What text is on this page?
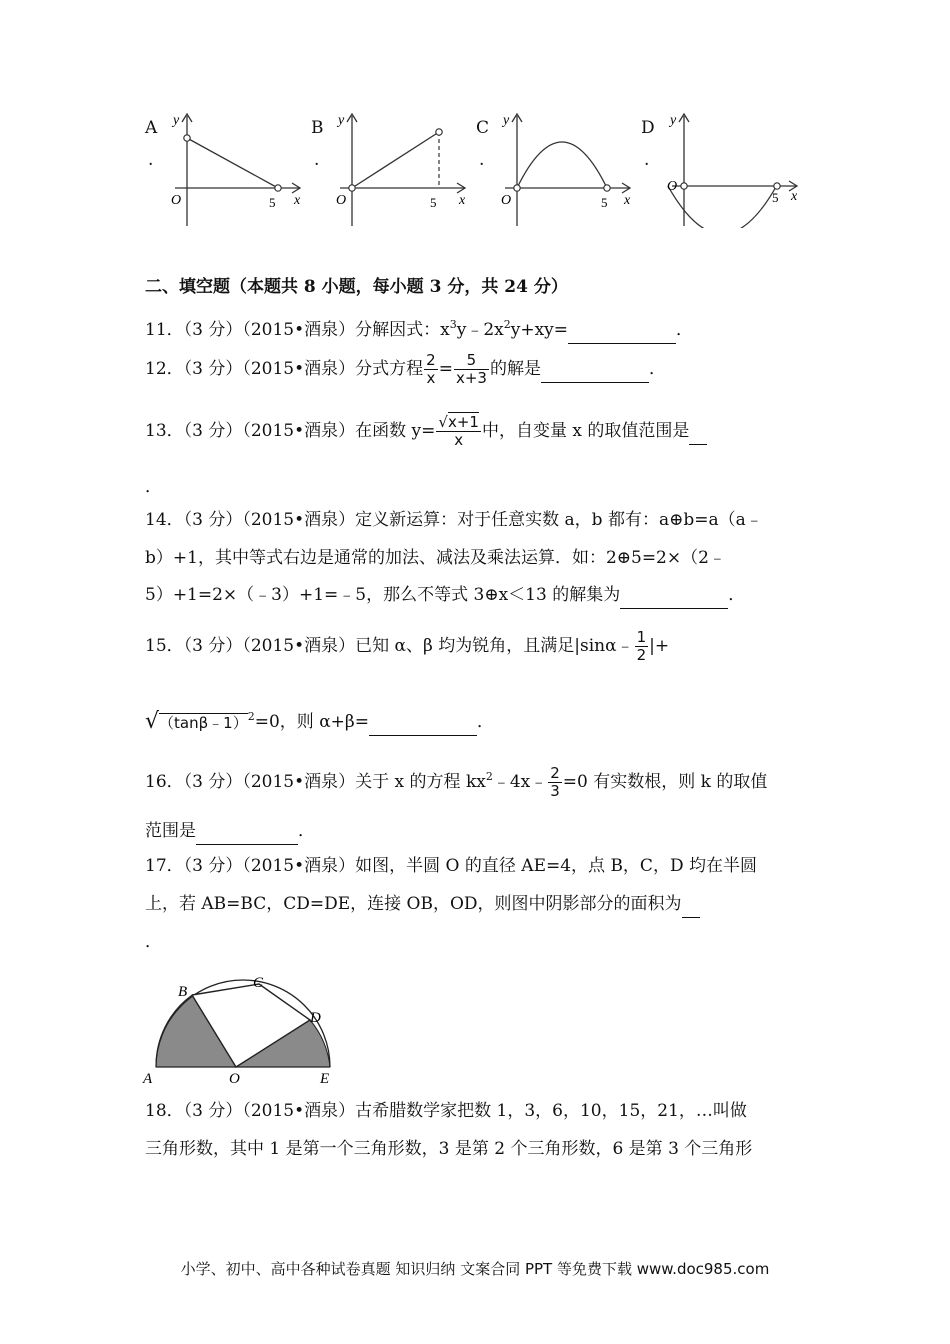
A
.
B
.
C
.
D
.
y
O	5 x
y
O	5 x
y
O	5 x
y
O
5 x
二、填空题（本题共 8 小题，每小题 3 分，共 24 分）
11．（3 分）（2015•酒泉）分解因式：$x^3y﹣2x^2y+xy=$	．
12．（3 分）（2015•酒泉）分式方程 $\frac{2}{x} = \frac{5}{x+3}$ 的解是	．
13．（3 分）（2015•酒泉）在函数 $y= \frac{√x+1}{x}$ 中，自变量 x 的取值范围是
．
14．（3 分）（2015•酒泉）定义新运算：对于任意实数 a，b 都有：a⊕b=a（a﹣
b）+1，其中等式右边是通常的加法、减法及乘法运算．如：2⊕5=2×（2﹣
5）+1=2×（﹣3）+1=﹣5，那么不等式 3⊕x＜13 的解集为	．
15．（3 分）（2015•酒泉）已知 α、β 均为锐角，且满足|sinα﹣ $\frac{1}{2}$ |+
√（tanβ﹣1）$^2$=0，则 α+β=	．
16．（3 分）（2015•酒泉）关于 x 的方程 $kx^2﹣4x﹣ \frac{2}{3} =0$ 有实数根，则 k 的取值
范围是	．
17．（3 分）（2015•酒泉）如图，半圆 O 的直径 AE=4，点 B，C，D 均在半圆
上，若 AB=BC，CD=DE，连接 OB，OD，则图中阴影部分的面积为
．
A
B
C
D
E
O
18．（3 分）（2015•酒泉）古希腊数学家把数 1，3，6，10，15，21，…叫做
三角形数，其中 1 是第一个三角形数，3 是第 2 个三角形数，6 是第 3 个三角形
小学、初中、高中各种试卷真题 知识归纳 文案合同 PPT 等免费下载 www.doc985.com
